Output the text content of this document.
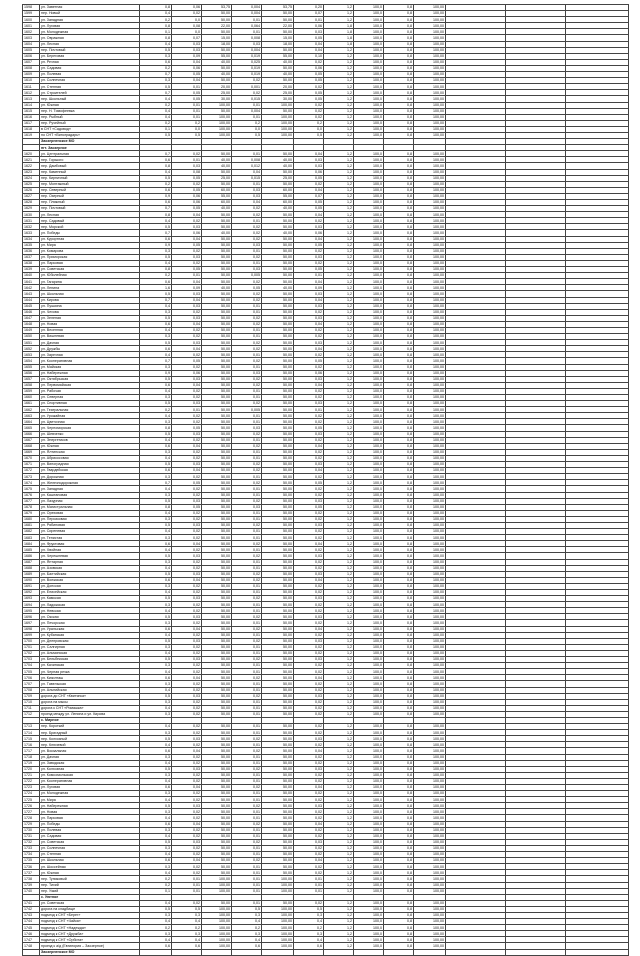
1598	ул. Заветная	0,8	0,06	53,75	0,004	53,75	0,20	1,2	100,0	0,8	100,00			
1599	пер. Новый	0,4	0,02	50,00	0,004	50,00	0,07	1,2	100,0	0,8	100,00			
1600	ул. Западная	0,2	0,0	50,00	0,01	50,00	0,01	1,2	100,0	0,8	100,00			
1601	ул. Луговая	0,8	0,08	22,00	0,064	22,00	0,06	1,8	100,0	0,8	100,00			
1602	ул. Молодежная	0,1	0,0	50,00	0,01	50,00	0,03	1,8	100,0	0,8	100,00			
1603	ул. Овражная	0,8	0,07	15,00	0,008	15,00	0,05	1,8	100,0	0,8	100,00			
1604	ул. Лесная	0,4	0,03	18,00	0,03	18,00	0,04	1,8	100,0	0,8	100,00			
1605	пер. Почтовый	0,5	0,03	50,00	0,004	50,00	0,04	1,2	100,0	0,8	100,00			
1606	ул. Береговая	0,3	0,09	55,00	0,019	55,00	0,10	1,2	100,0	0,8	100,00			
1607	ул. Речная	0,6	0,04	40,00	0,025	40,00	0,02	1,2	100,0	0,8	100,00			
1608	ул. Садовая	0,2	0,06	50,00	0,019	50,00	0,06	1,2	100,0	0,8	100,00			
1609	ул. Полевая	0,7	0,05	40,00	0,019	40,00	0,05	1,2	100,0	0,8	100,00			
1610	ул. Солнечная	0,3	0,04	50,00	0,02	50,00	0,05	1,2	100,0	0,8	100,00			
1611	ул. Степная	0,5	0,01	20,00	0,001	20,00	0,02	1,2	100,0	0,8	100,00			
1612	ул. Строителей	0,7	0,05	25,00	0,02	25,00	0,05	1,2	100,0	0,8	100,00			
1613	пер. Школьный	0,4	0,05	30,00	0,015	30,00	0,05	1,2	100,0	0,8	100,00			
1614	ул. Южная	0,2	0,01	100,00	0,01	100,00	0,02	1,2	100,0	0,8	100,00			
1615	пер. Н. Тимофеевка	0,4	0,01	50,00	0,004	50,00	0,02	1,2	100,0	0,8	100,00			
1616	пер. Рыбный	0,4	0,01	100,00	0,01	100,00	0,02	1,2	100,0	0,8	100,00			
1617	пер. Ручейный	0,2	0,2	100,00	0,2	100,00	0,2	1,2	100,0	0,8	100,00			
1618	в СНТ «Садовод»	0,1	0,0	100,00	0,0	100,00	0,0	1,2	100,0	0,8	100,00			
1619	по СНТ «Виноградарь»	0,5	0,5	100,00	0,5	100,00	0,5	1,2	100,0	0,8	100,00			
	Заозерненское МО													
	пгт. Заозерное													
1620	ул. Центральная	0,7	0,02	50,00	0,01	50,00	0,04	1,2	100,0	0,8	100,00			
1621	пер. Горького	0,6	0,01	40,00	0,008	40,00	0,03	1,2	100,0	0,8	100,00			
1622	пер. Дамбовый	0,8	0,03	40,00	0,012	40,00	0,03	1,2	100,0	0,8	100,00			
1623	пер. Каменный	0,4	0,08	50,00	0,04	50,00	0,06	1,2	100,0	0,8	100,00			
1624	пер. Кирпичный	0,5	0,05	25,00	0,015	25,00	0,05	1,2	100,0	0,8	100,00			
1625	пер. Монтажный	0,2	0,02	50,00	0,01	50,00	0,02	1,2	100,0	0,8	100,00			
1626	пер. Северный	0,6	0,05	60,00	0,03	60,00	0,04	1,2	100,0	0,8	100,00			
1627	пер. Озерный	0,9	0,06	55,00	0,03	55,00	0,07	1,2	100,0	0,8	100,00			
1628	пер. Пляжный	0,6	0,06	60,00	0,04	60,00	0,05	1,2	100,0	0,8	100,00			
1629	пер. Почтовый	0,7	0,05	40,00	0,02	40,00	0,05	1,2	100,0	0,8	100,00			
1630	ул. Лесная	0,8	0,04	50,00	0,02	50,00	0,04	1,2	100,0	0,8	100,00			
1631	пер. Садовый	0,4	0,02	50,00	0,01	50,00	0,02	1,2	100,0	0,8	100,00			
1632	пер. Морской	0,5	0,03	50,00	0,02	50,00	0,03	1,2	100,0	0,8	100,00			
1633	ул. Победы	0,7	0,06	40,00	0,02	40,00	0,06	1,2	100,0	0,8	100,00			
1634	ул. Курортная	0,6	0,04	50,00	0,02	50,00	0,04	1,2	100,0	0,8	100,00			
1635	ул. Мира	0,9	0,05	50,00	0,03	50,00	0,05	1,2	100,0	0,8	100,00			
1636	ул. Комарова	0,3	0,02	50,00	0,01	50,00	0,02	1,2	100,0	0,8	100,00			
1637	ул. Приморская	0,5	0,03	50,00	0,02	50,00	0,03	1,2	100,0	0,8	100,00			
1638	ул. Парковая	0,4	0,02	50,00	0,01	50,00	0,02	1,2	100,0	0,8	100,00			
1639	ул. Советская	0,8	0,05	50,00	0,03	50,00	0,05	1,2	100,0	0,8	100,00			
1640	ул. Юбилейная	0,2	0,01	50,00	0,005	50,00	0,01	1,2	100,0	0,8	100,00			
1641	ул. Гагарина	0,6	0,04	50,00	0,02	50,00	0,04	1,2	100,0	0,8	100,00			
1642	ул. Ленина	1,6	0,09	40,00	0,05	40,00	0,09	1,2	100,0	0,8	100,00			
1643	ул. Школьная	0,5	0,03	50,00	0,02	50,00	0,03	1,2	100,0	0,8	100,00			
1644	ул. Кирова	0,7	0,04	50,00	0,02	50,00	0,04	1,2	100,0	0,8	100,00			
1645	ул. Пушкина	0,4	0,03	50,00	0,01	50,00	0,03	1,2	100,0	0,8	100,00			
1646	ул. Чехова	0,3	0,02	50,00	0,01	50,00	0,02	1,2	100,0	0,8	100,00			
1647	ул. Зеленая	0,5	0,03	50,00	0,02	50,00	0,03	1,2	100,0	0,8	100,00			
1648	ул. Новая	0,6	0,04	50,00	0,02	50,00	0,04	1,2	100,0	0,8	100,00			
1649	ул. Весенняя	0,4	0,02	50,00	0,01	50,00	0,02	1,2	100,0	0,8	100,00			
1650	ул. Вишневая	0,3	0,02	50,00	0,01	50,00	0,02	1,2	100,0	0,8	100,00			
1651	ул. Дачная	0,5	0,03	50,00	0,02	50,00	0,03	1,2	100,0	0,8	100,00			
1652	ул. Дружбы	0,6	0,04	50,00	0,02	50,00	0,04	1,2	100,0	0,8	100,00			
1653	ул. Заречная	0,4	0,02	50,00	0,01	50,00	0,02	1,2	100,0	0,8	100,00			
1654	ул. Кооперативная	0,7	0,05	50,00	0,02	50,00	0,05	1,2	100,0	0,8	100,00			
1655	ул. Майская	0,3	0,02	50,00	0,01	50,00	0,02	1,2	100,0	0,8	100,00			
1656	ул. Набережная	0,9	0,06	50,00	0,03	50,00	0,06	1,2	100,0	0,8	100,00			
1657	ул. Октябрьская	0,5	0,03	50,00	0,02	50,00	0,03	1,2	100,0	0,8	100,00			
1658	ул. Первомайская	0,6	0,04	50,00	0,02	50,00	0,04	1,2	100,0	0,8	100,00			
1659	ул. Рабочая	0,4	0,02	50,00	0,01	50,00	0,02	1,2	100,0	0,8	100,00			
1660	ул. Северная	0,3	0,02	50,00	0,01	50,00	0,02	1,2	100,0	0,8	100,00			
1661	ул. Спортивная	0,5	0,03	50,00	0,02	50,00	0,03	1,2	100,0	0,8	100,00			
1662	ул. Театральная	0,2	0,01	50,00	0,005	50,00	0,01	1,2	100,0	0,8	100,00			
1663	ул. Урожайная	0,4	0,02	50,00	0,01	50,00	0,02	1,2	100,0	0,8	100,00			
1664	ул. Цветочная	0,3	0,02	50,00	0,01	50,00	0,02	1,2	100,0	0,8	100,00			
1665	ул. Черноморская	0,8	0,05	50,00	0,03	50,00	0,05	1,2	100,0	0,8	100,00			
1666	ул. Шевченко	0,5	0,03	50,00	0,02	50,00	0,03	1,2	100,0	0,8	100,00			
1667	ул. Энергетиков	0,4	0,02	50,00	0,01	50,00	0,02	1,2	100,0	0,8	100,00			
1668	ул. Южная	0,6	0,04	50,00	0,02	50,00	0,04	1,2	100,0	0,8	100,00			
1669	ул. Ялтинская	0,3	0,02	50,00	0,01	50,00	0,02	1,2	100,0	0,8	100,00			
1670	ул. Абрикосовая	0,4	0,02	50,00	0,01	50,00	0,02	1,2	100,0	0,8	100,00			
1671	ул. Виноградная	0,5	0,03	50,00	0,02	50,00	0,03	1,2	100,0	0,8	100,00			
1672	ул. Гвардейская	0,6	0,04	50,00	0,02	50,00	0,04	1,2	100,0	0,8	100,00			
1673	ул. Дорожная	0,3	0,02	50,00	0,01	50,00	0,02	1,2	100,0	0,8	100,00			
1674	ул. Железнодорожная	0,7	0,05	50,00	0,02	50,00	0,05	1,2	100,0	0,8	100,00			
1675	ул. Западная	0,4	0,02	50,00	0,01	50,00	0,02	1,2	100,0	0,8	100,00			
1676	ул. Каштановая	0,3	0,02	50,00	0,01	50,00	0,02	1,2	100,0	0,8	100,00			
1677	ул. Лазурная	0,5	0,03	50,00	0,02	50,00	0,03	1,2	100,0	0,8	100,00			
1678	ул. Магистральная	0,8	0,05	50,00	0,03	50,00	0,05	1,2	100,0	0,8	100,00			
1679	ул. Ореховая	0,4	0,02	50,00	0,01	50,00	0,02	1,2	100,0	0,8	100,00			
1680	ул. Персиковая	0,3	0,02	50,00	0,01	50,00	0,02	1,2	100,0	0,8	100,00			
1681	ул. Рябиновая	0,5	0,03	50,00	0,02	50,00	0,03	1,2	100,0	0,8	100,00			
1682	ул. Сиреневая	0,4	0,02	50,00	0,01	50,00	0,02	1,2	100,0	0,8	100,00			
1683	ул. Тенистая	0,3	0,02	50,00	0,01	50,00	0,02	1,2	100,0	0,8	100,00			
1684	ул. Фруктовая	0,6	0,04	50,00	0,02	50,00	0,04	1,2	100,0	0,8	100,00			
1685	ул. Хвойная	0,4	0,02	50,00	0,01	50,00	0,02	1,2	100,0	0,8	100,00			
1686	ул. Черешневая	0,5	0,03	50,00	0,02	50,00	0,03	1,2	100,0	0,8	100,00			
1687	ул. Янтарная	0,3	0,02	50,00	0,01	50,00	0,02	1,2	100,0	0,8	100,00			
1688	ул. Азовская	0,4	0,02	50,00	0,01	50,00	0,02	1,2	100,0	0,8	100,00			
1689	ул. Балтийская	0,5	0,03	50,00	0,02	50,00	0,03	1,2	100,0	0,8	100,00			
1690	ул. Волжская	0,6	0,04	50,00	0,02	50,00	0,04	1,2	100,0	0,8	100,00			
1691	ул. Донская	0,3	0,02	50,00	0,01	50,00	0,02	1,2	100,0	0,8	100,00			
1692	ул. Енисейская	0,4	0,02	50,00	0,01	50,00	0,02	1,2	100,0	0,8	100,00			
1693	ул. Камская	0,5	0,03	50,00	0,02	50,00	0,03	1,2	100,0	0,8	100,00			
1694	ул. Ладожская	0,3	0,02	50,00	0,01	50,00	0,02	1,2	100,0	0,8	100,00			
1695	ул. Невская	0,4	0,02	50,00	0,01	50,00	0,02	1,2	100,0	0,8	100,00			
1696	ул. Окская	0,5	0,03	50,00	0,02	50,00	0,03	1,2	100,0	0,8	100,00			
1697	ул. Печорская	0,3	0,02	50,00	0,01	50,00	0,02	1,2	100,0	0,8	100,00			
1698	ул. Уральская	0,6	0,04	50,00	0,02	50,00	0,04	1,2	100,0	0,8	100,00			
1699	ул. Кубанская	0,4	0,02	50,00	0,01	50,00	0,02	1,2	100,0	0,8	100,00			
1700	ул. Днепровская	0,5	0,03	50,00	0,02	50,00	0,03	1,2	100,0	0,8	100,00			
1701	ул. Салгирная	0,3	0,02	50,00	0,01	50,00	0,02	1,2	100,0	0,8	100,00			
1702	ул. Альминская	0,4	0,02	50,00	0,01	50,00	0,02	1,2	100,0	0,8	100,00			
1703	ул. Бельбекская	0,5	0,03	50,00	0,02	50,00	0,03	1,2	100,0	0,8	100,00			
1704	ул. Качинская	0,3	0,02	50,00	0,01	50,00	0,02	1,2	100,0	0,8	100,00			
1705	ул. Черная речка	0,4	0,02	50,00	0,01	50,00	0,02	1,2	100,0	0,8	100,00			
1706	ул. Кизилташ	0,6	0,04	50,00	0,02	50,00	0,04	1,2	100,0	0,8	100,00			
1707	ул. Тавельская	0,3	0,02	50,00	0,01	50,00	0,02	1,2	100,0	0,8	100,00			
1708	ул. Альпийская	0,4	0,02	50,00	0,01	50,00	0,02	1,2	100,0	0,8	100,00			
1709	дорога до СНТ «Квитянка»	0,5	0,03	50,00	0,02	50,00	0,03	1,2	100,0	0,8	100,00			
1710	дорога на мысы	0,3	0,02	50,00	0,01	50,00	0,02	1,2	100,0	0,8	100,00			
1711	дорога к СНТ «Ромашка»	0,4	0,02	50,00	0,01	50,00	0,02	1,2	100,0	0,8	100,00			
1712	проезд между ул. Ленина и ул. Кирова	0,3	0,02	50,00	0,01	50,00	0,02	1,2	100,0	0,8	100,00			
	с. Мирное													
1713	пер. Короткий	0,4	0,02	50,00	0,01	50,00	0,02	1,2	100,0	0,8	100,00			
1714	пер. Бригадный	0,3	0,02	50,00	0,01	50,00	0,02	1,2	100,0	0,8	100,00			
1715	пер. Колхозный	0,5	0,03	50,00	0,02	50,00	0,03	1,2	100,0	0,8	100,00			
1716	пер. Ключевой	0,4	0,02	50,00	0,01	50,00	0,02	1,2	100,0	0,8	100,00			
1717	ул. Вокзальная	0,6	0,04	50,00	0,02	50,00	0,04	1,2	100,0	0,8	100,00			
1718	ул. Дачная	0,3	0,02	50,00	0,01	50,00	0,02	1,2	100,0	0,8	100,00			
1719	ул. Заводская	0,4	0,02	50,00	0,01	50,00	0,02	1,2	100,0	0,8	100,00			
1720	ул. Колхозная	0,5	0,03	50,00	0,02	50,00	0,03	1,2	100,0	0,8	100,00			
1721	ул. Комсомольская	0,3	0,02	50,00	0,01	50,00	0,02	1,2	100,0	0,8	100,00			
1722	ул. Кооперативная	0,4	0,02	50,00	0,01	50,00	0,02	1,2	100,0	0,8	100,00			
1723	ул. Луговая	0,6	0,04	50,00	0,02	50,00	0,04	1,2	100,0	0,8	100,00			
1724	ул. Молодежная	0,3	0,02	50,00	0,01	50,00	0,02	1,2	100,0	0,8	100,00			
1725	ул. Мира	0,4	0,02	50,00	0,01	50,00	0,02	1,2	100,0	0,8	100,00			
1726	ул. Набережная	0,5	0,03	50,00	0,02	50,00	0,03	1,2	100,0	0,8	100,00			
1727	ул. Новая	0,3	0,02	50,00	0,01	50,00	0,02	1,2	100,0	0,8	100,00			
1728	ул. Парковая	0,4	0,02	50,00	0,01	50,00	0,02	1,2	100,0	0,8	100,00			
1729	ул. Победы	0,6	0,04	50,00	0,02	50,00	0,04	1,2	100,0	0,8	100,00			
1730	ул. Полевая	0,3	0,02	50,00	0,01	50,00	0,02	1,2	100,0	0,8	100,00			
1731	ул. Садовая	0,4	0,02	50,00	0,01	50,00	0,02	1,2	100,0	0,8	100,00			
1732	ул. Советская	0,5	0,03	50,00	0,02	50,00	0,03	1,2	100,0	0,8	100,00			
1733	ул. Солнечная	0,3	0,02	50,00	0,01	50,00	0,02	1,2	100,0	0,8	100,00			
1734	ул. Степная	0,4	0,02	50,00	0,01	50,00	0,02	1,2	100,0	0,8	100,00			
1735	ул. Школьная	0,6	0,04	50,00	0,02	50,00	0,04	1,2	100,0	0,8	100,00			
1736	ул. Шоссейная	0,3	0,02	50,00	0,01	50,00	0,02	1,2	100,0	0,8	100,00			
1737	ул. Южная	0,4	0,02	50,00	0,01	50,00	0,02	1,2	100,0	0,8	100,00			
1738	пер. Тупиковый	0,2	0,01	100,00	0,01	100,00	0,01	1,2	100,0	0,8	100,00			
1739	пер. Тихий	0,2	0,01	100,00	0,01	100,00	0,01	1,2	100,0	0,8	100,00			
1740	пер. Узкий	0,1	0,01	100,00	0,01	100,00	0,01	1,2	100,0	0,8	100,00			
	с. Уютное													
1741	ул. Советская	0,4	0,02	50,00	0,01	50,00	0,02	1,2	100,0	0,8	100,00			
1742	дорога на кладбище	0,5	0,5	100,00	0,5	100,00	0,5	1,2	100,0	0,8	100,00			
1743	подъезд к СНТ «Берег»	0,3	0,3	100,00	0,3	100,00	0,3	1,2	100,0	0,8	100,00			
1744	подъезд к СНТ «Чайка»	0,4	0,4	100,00	0,4	100,00	0,4	1,2	100,0	0,8	100,00			
1745	подъезд к СНТ «Надежда»	0,2	0,2	100,00	0,2	100,00	0,2	1,2	100,0	0,8	100,00			
1746	подъезд к СНТ «Дружба»	0,3	0,3	100,00	0,3	100,00	0,3	1,2	100,0	0,8	100,00			
1747	подъезд к СНТ «Орбита»	0,4	0,4	100,00	0,4	100,00	0,4	1,2	100,0	0,8	100,00			
1748	проезд к а/д (Евпатория – Заозерное)	0,6	0,6	100,00	0,6	100,00	0,6	1,2	100,0	0,8	100,00			
	Заозерненское МО													
